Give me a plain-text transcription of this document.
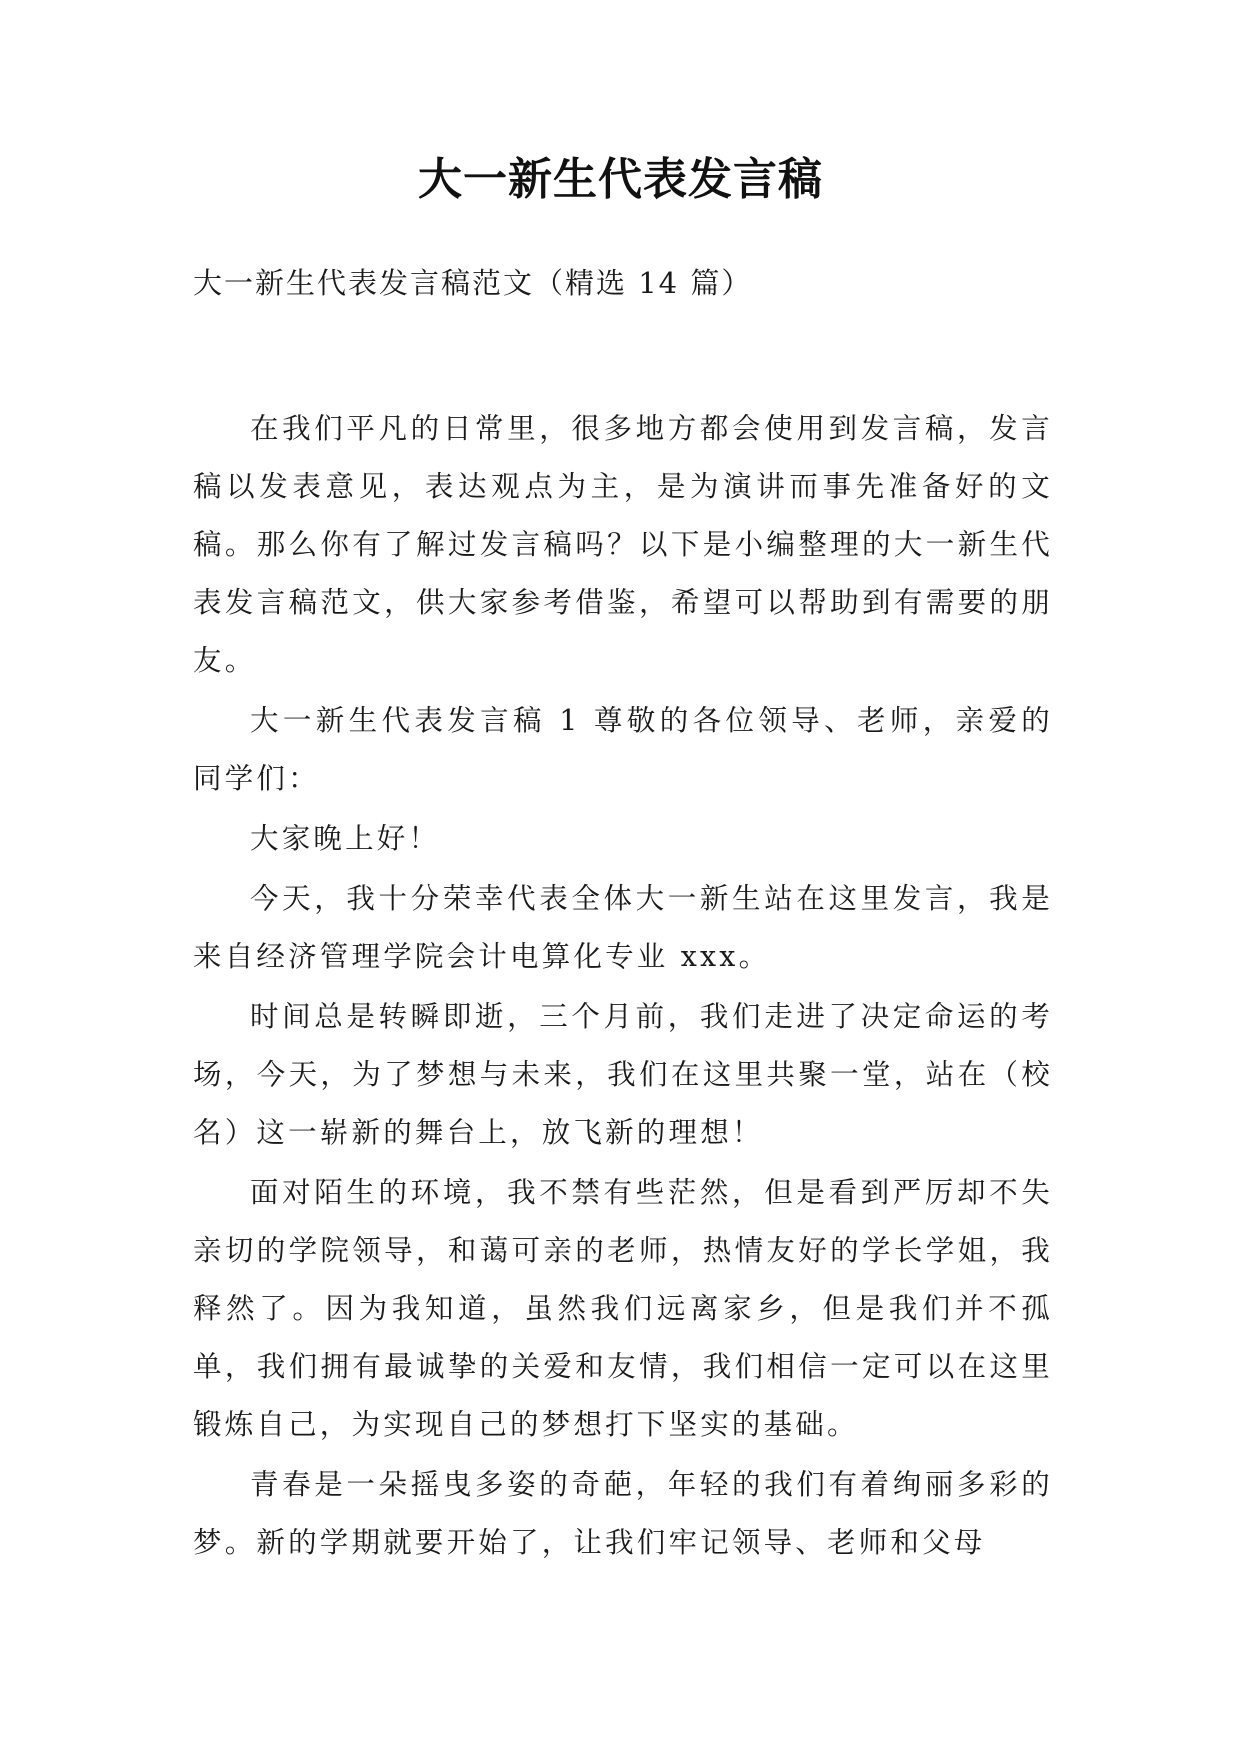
大一新生代表发言稿
大一新生代表发言稿范文（精选 14 篇）

在我们平凡的日常里，很多地方都会使用到发言稿，发言稿以发表意见，表达观点为主，是为演讲而事先准备好的文稿。那么你有了解过发言稿吗？以下是小编整理的大一新生代表发言稿范文，供大家参考借鉴，希望可以帮助到有需要的朋友。

大一新生代表发言稿 1 尊敬的各位领导、老师，亲爱的同学们：

大家晚上好！

今天，我十分荣幸代表全体大一新生站在这里发言，我是来自经济管理学院会计电算化专业 xxx。

时间总是转瞬即逝，三个月前，我们走进了决定命运的考场，今天，为了梦想与未来，我们在这里共聚一堂，站在（校名）这一崭新的舞台上，放飞新的理想！

面对陌生的环境，我不禁有些茫然，但是看到严厉却不失亲切的学院领导，和蔼可亲的老师，热情友好的学长学姐，我释然了。因为我知道，虽然我们远离家乡，但是我们并不孤单，我们拥有最诚挚的关爱和友情，我们相信一定可以在这里锻炼自己，为实现自己的梦想打下坚实的基础。

青春是一朵摇曳多姿的奇葩，年轻的我们有着绚丽多彩的梦。新的学期就要开始了，让我们牢记领导、老师和父母
